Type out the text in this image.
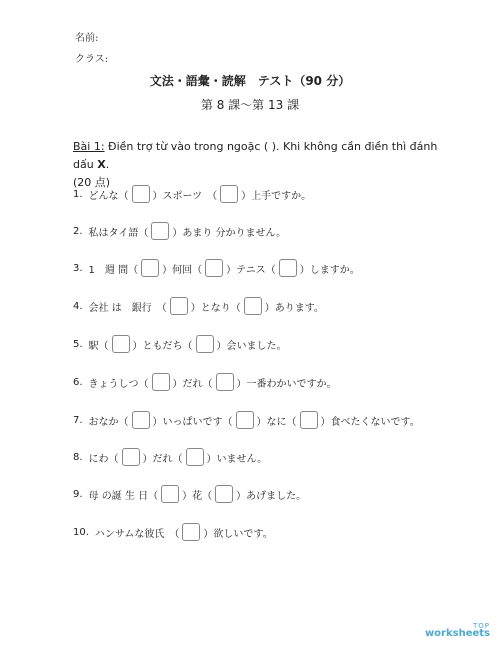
名前:
クラス:
文法・語彙・読解　テスト（90 分）
第 8 課〜第 13 課
Bài 1: Điền trợ từ vào trong ngoặc ( ). Khi không cần điền thì đánh dấu X.
(20 点)
1. どんな（ ）スポーツ　（ ）上手ですか。
2. 私はタイ語（ ）あまり 分かりません。
3. 1　週 間（ ）何回（ ）テニス（ ）しますか。
4. 会社 は　銀行　（ ）となり（ ）あります。
5. 駅（ ）ともだち（ ）会いました。
6. きょうしつ（ ）だれ（ ）一番わかいですか。
7. おなか（ ）いっぱいです（ ）なに（ ）食べたくないです。
8. にわ（ ）だれ（ ）いません。
9. 母 の誕 生 日（ ）花（ ）あげました。
10. ハンサムな彼氏　（ ）欲しいです。
TOP
worksheets
